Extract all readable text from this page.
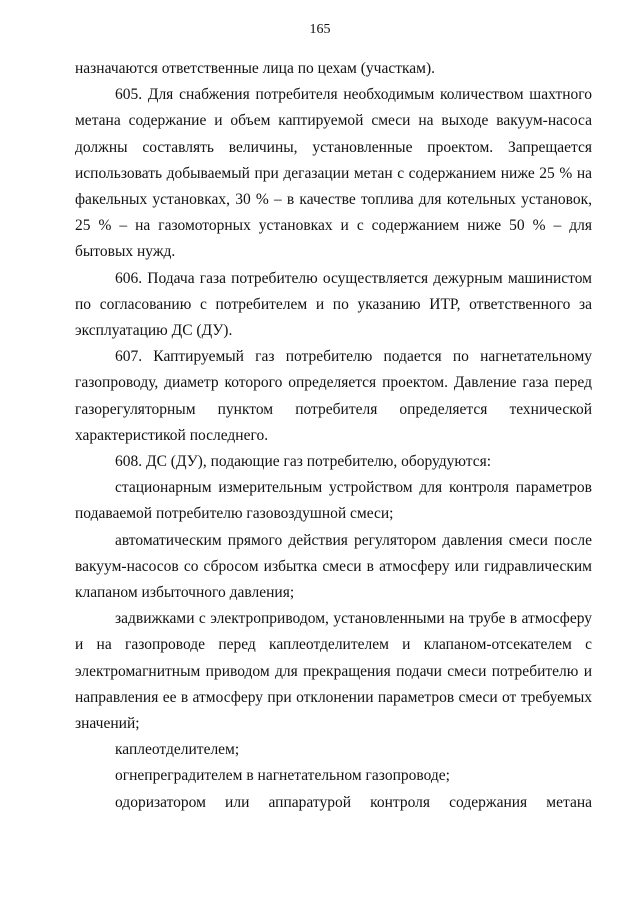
165

назначаются ответственные лица по цехам (участкам).

605. Для снабжения потребителя необходимым количеством шахтного метана содержание и объем каптируемой смеси на выходе вакуум-насоса должны составлять величины, установленные проектом. Запрещается использовать добываемый при дегазации метан с содержанием ниже 25 % на факельных установках, 30 % – в качестве топлива для котельных установок, 25 % – на газомоторных установках и с содержанием ниже 50 % – для бытовых нужд.

606. Подача газа потребителю осуществляется дежурным машинистом по согласованию с потребителем и по указанию ИТР, ответственного за эксплуатацию ДС (ДУ).

607. Каптируемый газ потребителю подается по нагнетательному газопроводу, диаметр которого определяется проектом. Давление газа перед газорегуляторным пунктом потребителя определяется технической характеристикой последнего.

608. ДС (ДУ), подающие газ потребителю, оборудуются:

стационарным измерительным устройством для контроля параметров подаваемой потребителю газовоздушной смеси;

автоматическим прямого действия регулятором давления смеси после вакуум-насосов со сбросом избытка смеси в атмосферу или гидравлическим клапаном избыточного давления;

задвижками с электроприводом, установленными на трубе в атмосферу и на газопроводе перед каплеотделителем и клапаном-отсекателем с электромагнитным приводом для прекращения подачи смеси потребителю и направления ее в атмосферу при отклонении параметров смеси от требуемых значений;

каплеотделителем;

огнепреградителем в нагнетательном газопроводе;

одоризатором или аппаратурой контроля содержания метана
